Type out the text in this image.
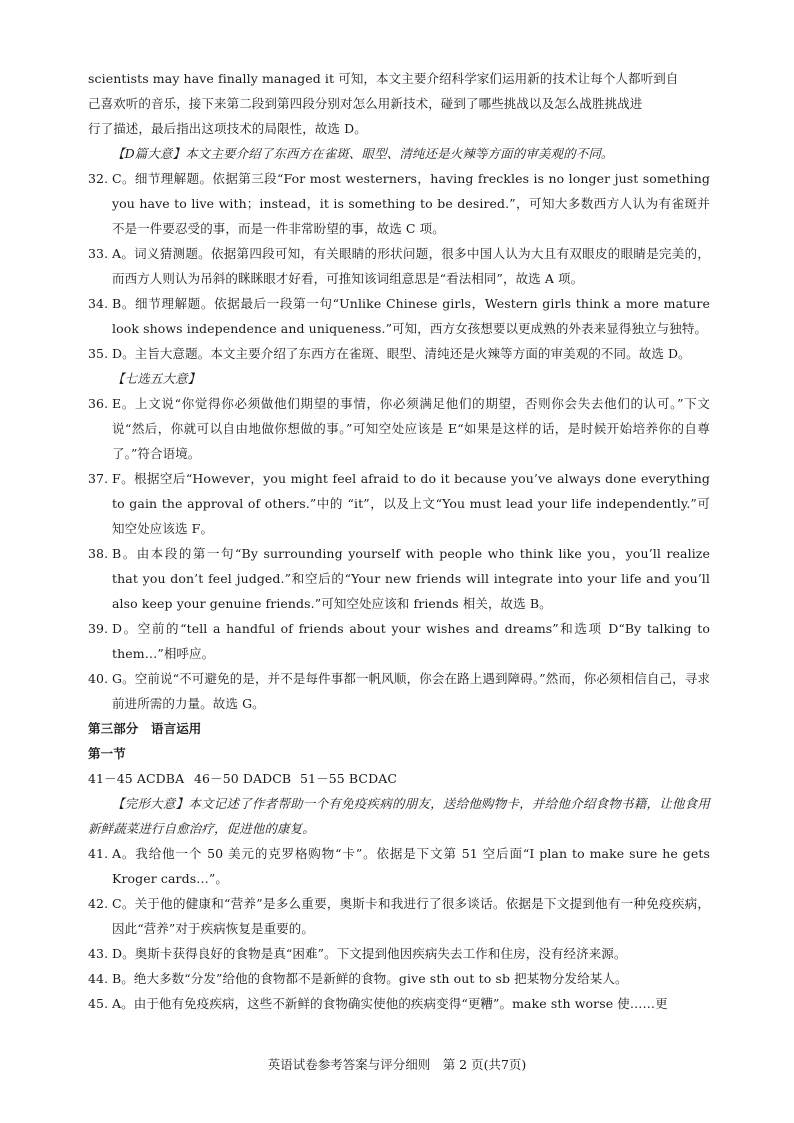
scientists may have finally managed it 可知，本文主要介绍科学家们运用新的技术让每个人都听到自

己喜欢听的音乐，接下来第二段到第四段分别对怎么用新技术，碰到了哪些挑战以及怎么战胜挑战进

行了描述，最后指出这项技术的局限性，故选 D。

【D篇大意】本文主要介绍了东西方在雀斑、眼型、清纯还是火辣等方面的审美观的不同。

32. C。细节理解题。依据第三段“For most westerners，having freckles is no longer just something you have to live with；instead，it is something to be desired.”，可知大多数西方人认为有雀斑并不是一件要忍受的事，而是一件非常盼望的事，故选 C 项。
33. A。词义猜测题。依据第四段可知，有关眼睛的形状问题，很多中国人认为大且有双眼皮的眼睛是完美的，而西方人则认为吊斜的眯眯眼才好看，可推知该词组意思是“看法相同”，故选 A 项。
34. B。细节理解题。依据最后一段第一句“Unlike Chinese girls，Western girls think a more mature look shows independence and uniqueness.”可知，西方女孩想要以更成熟的外表来显得独立与独特。
35. D。主旨大意题。本文主要介绍了东西方在雀斑、眼型、清纯还是火辣等方面的审美观的不同。故选 D。

【七选五大意】

36. E。上文说“你觉得你必须做他们期望的事情，你必须满足他们的期望，否则你会失去他们的认可。”下文说“然后，你就可以自由地做你想做的事。”可知空处应该是 E“如果是这样的话，是时候开始培养你的自尊了。”符合语境。
37. F。根据空后“However，you might feel afraid to do it because you’ve always done everything to gain the approval of others.”中的 “it”，以及上文“You must lead your life independently.”可知空处应该选 F。
38. B。由本段的第一句“By surrounding yourself with people who think like you，you’ll realize that you don’t feel judged.”和空后的“Your new friends will integrate into your life and you’ll also keep your genuine friends.”可知空处应该和 friends 相关，故选 B。
39. D。空前的“tell a handful of friends about your wishes and dreams”和选项 D“By talking to them…”相呼应。
40. G。空前说“不可避免的是，并不是每件事都一帆风顺，你会在路上遇到障碍。”然而，你必须相信自己，寻求前进所需的力量。故选 G。

第三部分　语言运用

第一节

41－45 ACDBA 46－50 DADCB 51－55 BCDAC

【完形大意】本文记述了作者帮助一个有免疫疾病的朋友，送给他购物卡，并给他介绍食物书籍，让他食用新鲜蔬菜进行自愈治疗，促进他的康复。

41. A。我给他一个 50 美元的克罗格购物“卡”。依据是下文第 51 空后面“I plan to make sure he gets Kroger cards…”。
42. C。关于他的健康和“营养”是多么重要，奥斯卡和我进行了很多谈话。依据是下文提到他有一种免疫疾病，因此“营养”对于疾病恢复是重要的。
43. D。奥斯卡获得良好的食物是真“困难”。下文提到他因疾病失去工作和住房，没有经济来源。
44. B。绝大多数“分发”给他的食物都不是新鲜的食物。give sth out to sb 把某物分发给某人。
45. A。由于他有免疫疾病，这些不新鲜的食物确实使他的疾病变得“更糟”。make sth worse 使……更
英语试卷参考答案与评分细则　第 2 页(共7页)
